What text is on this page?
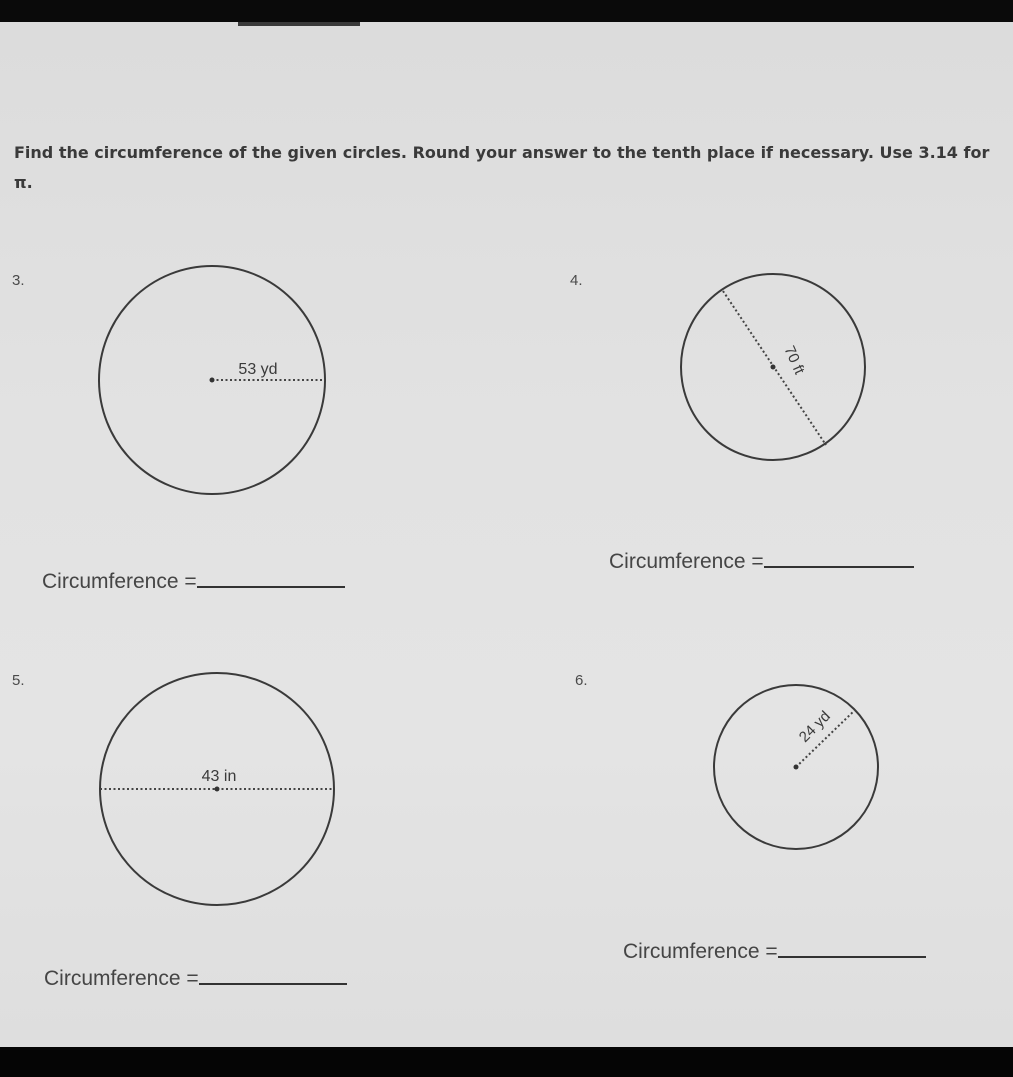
Find the circumference of the given circles. Round your answer to the tenth place if necessary. Use 3.14 for π.

3.	4.
5.	6.
53 yd	70 ft
43 in
24 yd
Circumference =
Circumference =
Circumference =
Circumference =
